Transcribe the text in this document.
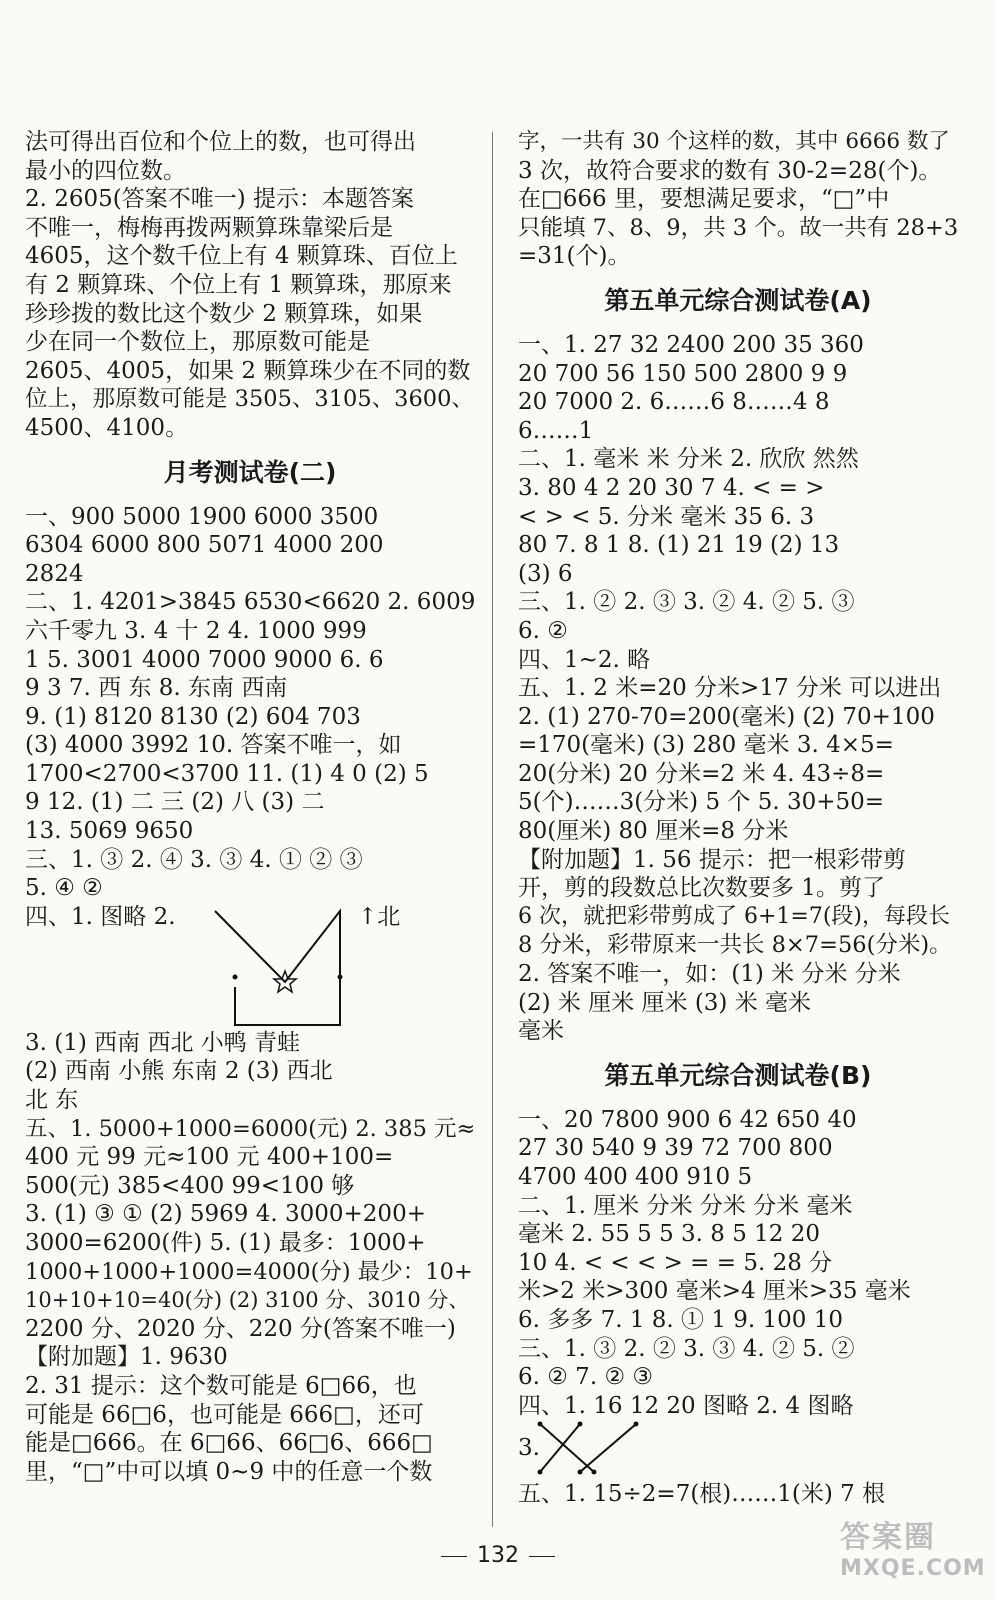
法可得出百位和个位上的数，也可得出
最小的四位数。
2. 2605(答案不唯一) 提示：本题答案
不唯一，梅梅再拨两颗算珠靠梁后是
4605，这个数千位上有 4 颗算珠、百位上
有 2 颗算珠、个位上有 1 颗算珠，那原来
珍珍拨的数比这个数少 2 颗算珠，如果
少在同一个数位上，那原数可能是
2605、4005，如果 2 颗算珠少在不同的数
位上，那原数可能是 3505、3105、3600、
4500、4100。
月考测试卷(二)
一、900 5000 1900 6000 3500
6304 6000 800 5071 4000 200
2824
二、1. 4201>3845 6530<6620 2. 6009
六千零九 3. 4 十 2 4. 1000 999
1 5. 3001 4000 7000 9000 6. 6
9 3 7. 西 东 8. 东南 西南
9. (1) 8120 8130 (2) 604 703
(3) 4000 3992 10. 答案不唯一，如
1700<2700<3700 11. (1) 4 0 (2) 5
9 12. (1) 二 三 (2) 八 (3) 二
13. 5069 9650
三、1. ③ 2. ④ 3. ③ 4. ① ② ③
5. ④ ②
四、1. 图略 2.	↑北
3. (1) 西南 西北 小鸭 青蛙
(2) 西南 小熊 东南 2 (3) 西北
北 东
五、1. 5000+1000=6000(元) 2. 385 元≈
400 元 99 元≈100 元 400+100=
500(元) 385<400 99<100 够
3. (1) ③ ① (2) 5969 4. 3000+200+
3000=6200(件) 5. (1) 最多：1000+
1000+1000+1000=4000(分) 最少：10+
10+10+10=40(分) (2) 3100 分、3010 分、
2200 分、2020 分、220 分(答案不唯一)
【附加题】1. 9630
2. 31 提示：这个数可能是 6□66，也
可能是 66□6，也可能是 666□，还可
能是□666。在 6□66、66□6、666□
里，“□”中可以填 0~9 中的任意一个数
字，一共有 30 个这样的数，其中 6666 数了
3 次，故符合要求的数有 30-2=28(个)。
在□666 里，要想满足要求，“□”中
只能填 7、8、9，共 3 个。故一共有 28+3
=31(个)。
第五单元综合测试卷(A)
一、1. 27 32 2400 200 35 360
20 700 56 150 500 2800 9 9
20 7000 2. 6……6 8……4 8
6……1
二、1. 毫米 米 分米 2. 欣欣 然然
3. 80 4 2 20 30 7 4. < = >
< > < 5. 分米 毫米 35 6. 3
80 7. 8 1 8. (1) 21 19 (2) 13
(3) 6
三、1. ② 2. ③ 3. ② 4. ② 5. ③
6. ②
四、1~2. 略
五、1. 2 米=20 分米>17 分米 可以进出
2. (1) 270-70=200(毫米) (2) 70+100
=170(毫米) (3) 280 毫米 3. 4×5=
20(分米) 20 分米=2 米 4. 43÷8=
5(个)……3(分米) 5 个 5. 30+50=
80(厘米) 80 厘米=8 分米
【附加题】1. 56 提示：把一根彩带剪
开，剪的段数总比次数要多 1。剪了
6 次，就把彩带剪成了 6+1=7(段)，每段长
8 分米，彩带原来一共长 8×7=56(分米)。
2. 答案不唯一，如：(1) 米 分米 分米
(2) 米 厘米 厘米 (3) 米 毫米
毫米
第五单元综合测试卷(B)
一、20 7800 900 6 42 650 40
27 30 540 9 39 72 700 800
4700 400 400 910 5
二、1. 厘米 分米 分米 分米 毫米
毫米 2. 55 5 5 3. 8 5 12 20
10 4. < < < > = = 5. 28 分
米>2 米>300 毫米>4 厘米>35 毫米
6. 多多 7. 1 8. ① 1 9. 100 10
三、1. ③ 2. ② 3. ③ 4. ② 5. ②
6. ② 7. ② ③
四、1. 16 12 20 图略 2. 4 图略
3.
五、1. 15÷2=7(根)……1(米) 7 根
132
答案圈
MXQE.COM
